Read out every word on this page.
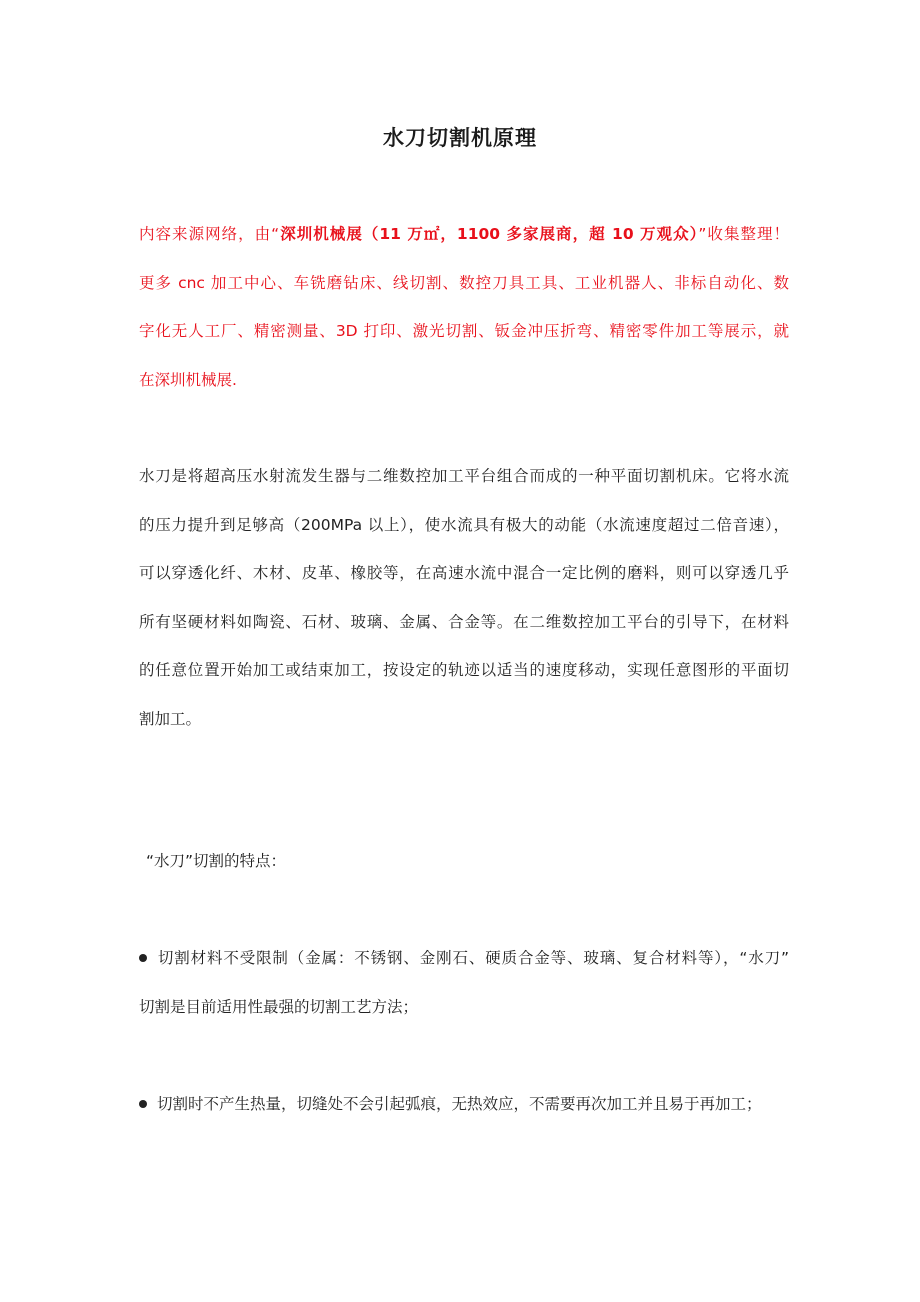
水刀切割机原理
内容来源网络，由“深圳机械展（11 万㎡，1100 多家展商，超 10 万观众）”收集整理！
更多 cnc 加工中心、车铣磨钻床、线切割、数控刀具工具、工业机器人、非标自动化、数
字化无人工厂、精密测量、3D 打印、激光切割、钣金冲压折弯、精密零件加工等展示，就
在深圳机械展.
水刀是将超高压水射流发生器与二维数控加工平台组合而成的一种平面切割机床。它将水流
的压力提升到足够高（200MPa 以上），使水流具有极大的动能（水流速度超过二倍音速），
可以穿透化纤、木材、皮革、橡胶等，在高速水流中混合一定比例的磨料，则可以穿透几乎
所有坚硬材料如陶瓷、石材、玻璃、金属、合金等。在二维数控加工平台的引导下，在材料
的任意位置开始加工或结束加工，按设定的轨迹以适当的速度移动，实现任意图形的平面切
割加工。
“水刀”切割的特点：
切割材料不受限制（金属：不锈钢、金刚石、硬质合金等、玻璃、复合材料等），“水刀”
切割是目前适用性最强的切割工艺方法；
切割时不产生热量，切缝处不会引起弧痕，无热效应，不需要再次加工并且易于再加工；
